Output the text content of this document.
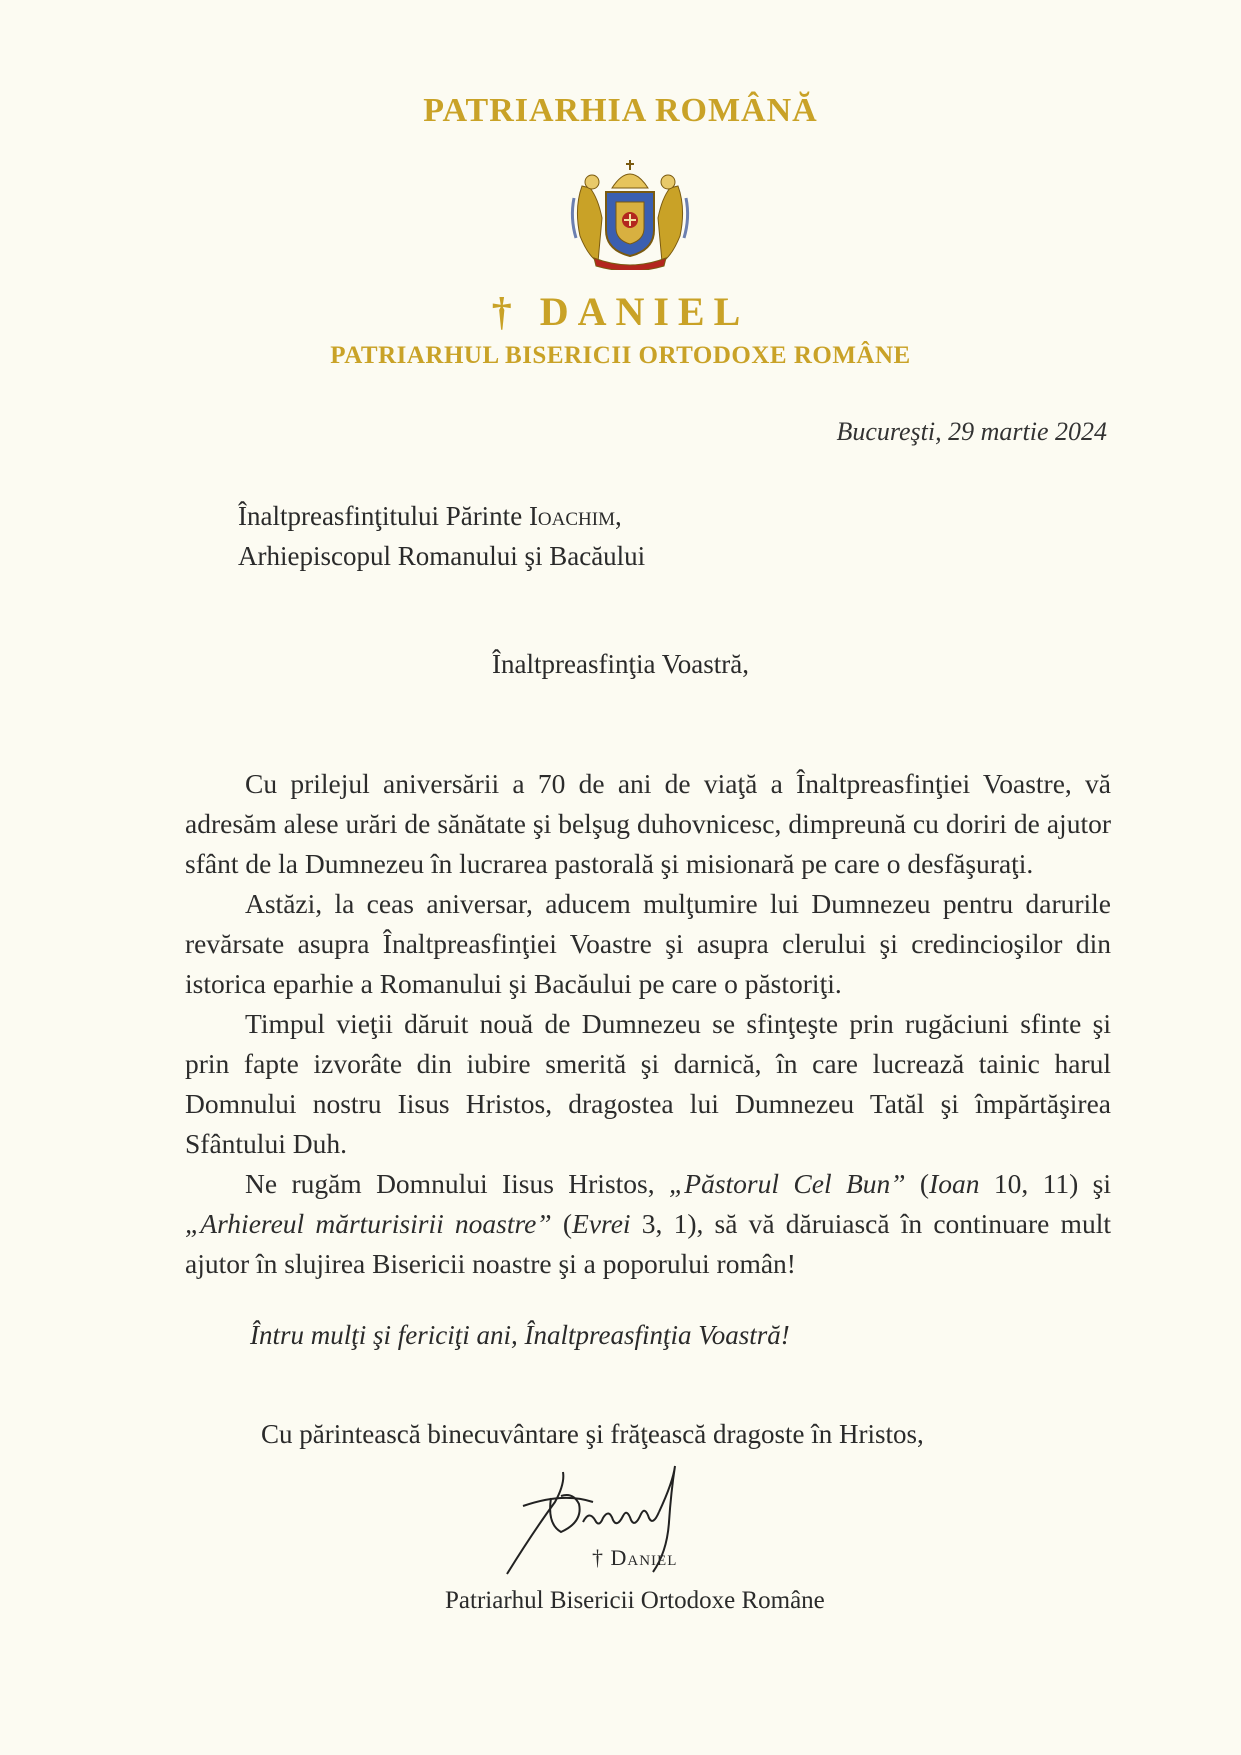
PATRIARHIA ROMÂNĂ
† DANIEL
PATRIARHUL BISERICII ORTODOXE ROMÂNE
Bucureşti, 29 martie 2024
Înaltpreasfinţitului Părinte Ioachim,
Arhiepiscopul Romanului şi Bacăului
Înaltpreasfinţia Voastră,

Cu prilejul aniversării a 70 de ani de viaţă a Înaltpreasfinţiei Voastre, vă adresăm alese urări de sănătate şi belşug duhovnicesc, dimpreună cu doriri de ajutor sfânt de la Dumnezeu în lucrarea pastorală şi misionară pe care o desfăşuraţi.

Astăzi, la ceas aniversar, aducem mulţumire lui Dumnezeu pentru darurile revărsate asupra Înaltpreasfinţiei Voastre şi asupra clerului şi credincioşilor din istorica eparhie a Romanului şi Bacăului pe care o păstoriţi.

Timpul vieţii dăruit nouă de Dumnezeu se sfinţeşte prin rugăciuni sfinte şi prin fapte izvorâte din iubire smerită şi darnică, în care lucrează tainic harul Domnului nostru Iisus Hristos, dragostea lui Dumnezeu Tatăl şi împărtăşirea Sfântului Duh.

Ne rugăm Domnului Iisus Hristos, „Păstorul Cel Bun” (Ioan 10, 11) şi „Arhiereul mărturisirii noastre” (Evrei 3, 1), să vă dăruiască în continuare mult ajutor în slujirea Bisericii noastre şi a poporului român!

Întru mulţi şi fericiţi ani, Înaltpreasfinţia Voastră!
Cu părintească binecuvântare şi frăţească dragoste în Hristos,
† Daniel
Patriarhul Bisericii Ortodoxe Române
